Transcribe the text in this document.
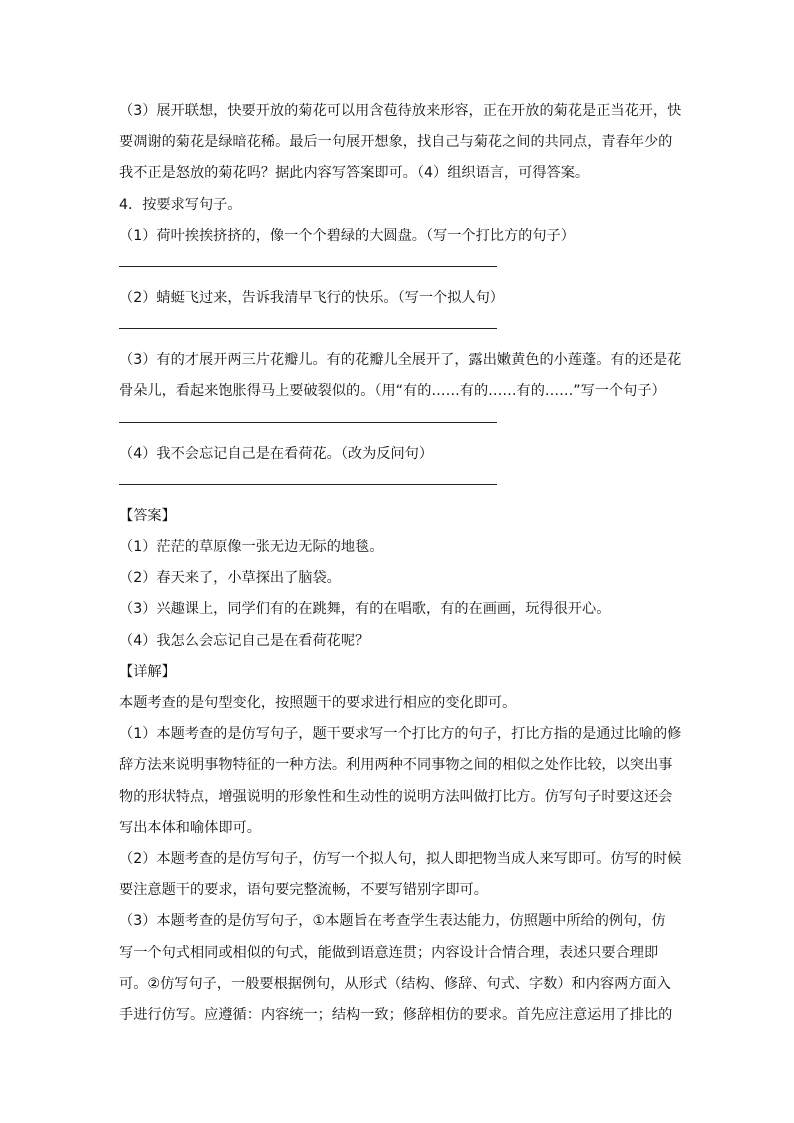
（3）展开联想，快要开放的菊花可以用含苞待放来形容，正在开放的菊花是正当花开，快

要凋谢的菊花是绿暗花稀。最后一句展开想象，找自己与菊花之间的共同点，青春年少的

我不正是怒放的菊花吗？据此内容写答案即可。（4）组织语言，可得答案。

4．按要求写句子。

（1）荷叶挨挨挤挤的，像一个个碧绿的大圆盘。（写一个打比方的句子）

（2）蜻蜓飞过来，告诉我清早飞行的快乐。（写一个拟人句）

（3）有的才展开两三片花瓣儿。有的花瓣儿全展开了，露出嫩黄色的小莲蓬。有的还是花

骨朵儿，看起来饱胀得马上要破裂似的。（用“有的……有的……有的……”写一个句子）

（4）我不会忘记自己是在看荷花。（改为反问句）

【答案】

（1）茫茫的草原像一张无边无际的地毯。

（2）春天来了，小草探出了脑袋。

（3）兴趣课上，同学们有的在跳舞，有的在唱歌，有的在画画，玩得很开心。

（4）我怎么会忘记自己是在看荷花呢？

【详解】

本题考查的是句型变化，按照题干的要求进行相应的变化即可。

（1）本题考查的是仿写句子，题干要求写一个打比方的句子，打比方指的是通过比喻的修

辞方法来说明事物特征的一种方法。利用两种不同事物之间的相似之处作比较，以突出事

物的形状特点，增强说明的形象性和生动性的说明方法叫做打比方。仿写句子时要这还会

写出本体和喻体即可。

（2）本题考查的是仿写句子，仿写一个拟人句，拟人即把物当成人来写即可。仿写的时候

要注意题干的要求，语句要完整流畅，不要写错别字即可。

（3）本题考查的是仿写句子，①本题旨在考查学生表达能力，仿照题中所给的例句，仿

写一个句式相同或相似的句式，能做到语意连贯；内容设计合情合理，表述只要合理即

可。②仿写句子，一般要根据例句，从形式（结构、修辞、句式、字数）和内容两方面入

手进行仿写。应遵循：内容统一；结构一致；修辞相仿的要求。首先应注意运用了排比的
